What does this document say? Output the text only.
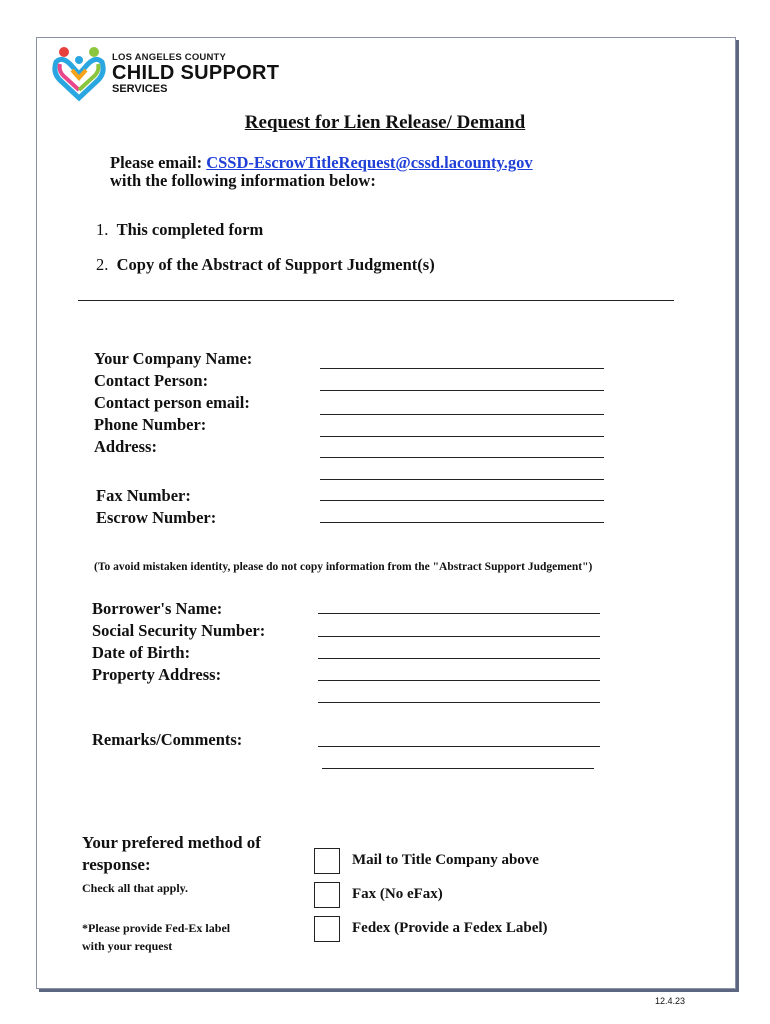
LOS ANGELES COUNTY
CHILD SUPPORT
SERVICES
Request for Lien Release/ Demand
Please email: CSSD-EscrowTitleRequest@cssd.lacounty.gov
with the following information below:
1. This completed form
2. Copy of the Abstract of Support Judgment(s)
Your Company Name:
Contact Person:
Contact person email:
Phone Number:
Address:
Fax Number:
Escrow Number:
(To avoid mistaken identity, please do not copy information from the "Abstract Support Judgement")
Borrower's Name:
Social Security Number:
Date of Birth:
Property Address:
Remarks/Comments:
Your prefered method of
response:
Check all that apply.
*Please provide Fed-Ex label
with your request
Mail to Title Company above
Fax (No eFax)
Fedex (Provide a Fedex Label)
12.4.23
